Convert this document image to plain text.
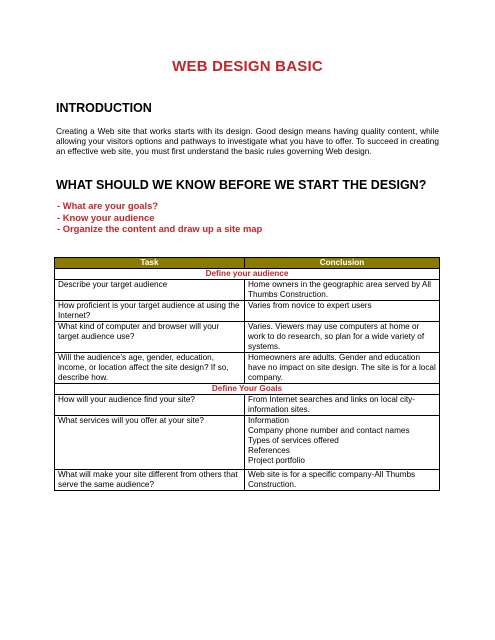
WEB DESIGN BASIC
INTRODUCTION
Creating a Web site that works starts with its design. Good design means having quality content, while allowing your visitors options and pathways to investigate what you have to offer. To succeed in creating an effective web site, you must first understand the basic rules governing Web design.
WHAT SHOULD WE KNOW BEFORE WE START THE DESIGN?
- What are your goals?
- Know your audience
- Organize the content and draw up a site map
Task	Conclusion
Define your audience	
Describe your target audience	Home owners in the geographic area served by All Thumbs Construction.
How proficient is your target audience at using the Internet?	Varies from novice to expert users
What kind of computer and browser will your target audience use?	Varies. Viewers may use computers at home or work to do research, so plan for a wide variety of systems.
Will the audience’s age, gender, education, income, or location affect the site design? If so, describe how.	Homeowners are adults. Gender and education have no impact on site design. The site is for a local company.
Define Your Goals	
How will your audience find your site?	From Internet searches and links on local city-information sites.
What services will you offer at your site?	Information
Company phone number and contact names
Types of services offered
References
Project portfolio

What will make your site different from others that serve the same audience?	Web site is for a specific company-All Thumbs Construction.
